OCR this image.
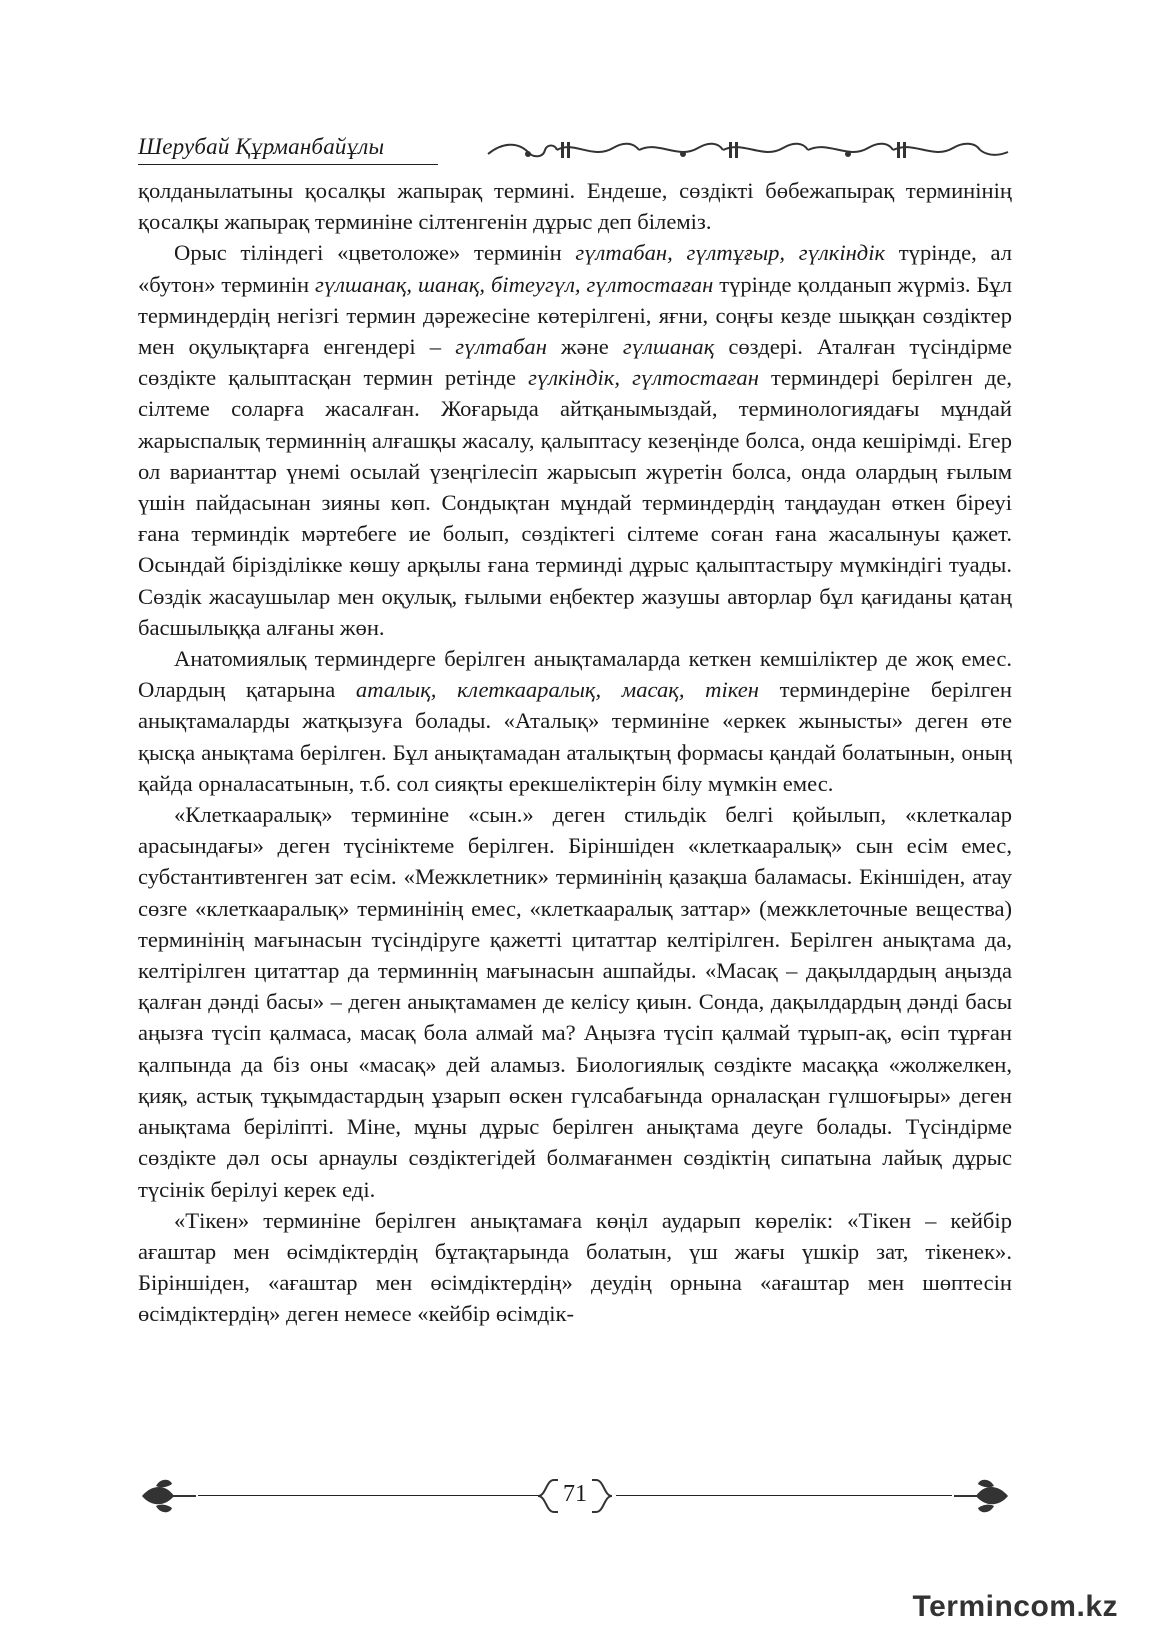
Шерубай Құрманбайұлы

қолданылатыны қосалқы жапырақ термині. Ендеше, сөздікті бөбежапырақ терминінің қосалқы жапырақ терминіне сілтенгенін дұрыс деп білеміз.

Орыс тіліндегі «цветоложе» терминін гүлтабан, гүлтұғыр, гүлкіндік түрінде, ал «бутон» терминін гүлшанақ, шанақ, бітеугүл, гүлтостаған түрінде қолданып жүрміз. Бұл терминдердің негізгі термин дәрежесіне көтерілгені, яғни, соңғы кезде шыққан сөздіктер мен оқулықтарға енгендері – гүлтабан және гүлшанақ сөздері. Аталған түсіндірме сөздікте қалыптасқан термин ретінде гүлкіндік, гүлтостаған терминдері берілген де, сілтеме соларға жасалған. Жоғарыда айтқанымыздай, терминологиядағы мұндай жарыспалық терминнің алғашқы жасалу, қалыптасу кезеңінде болса, онда кешірімді. Егер ол варианттар үнемі осылай үзеңгілесіп жарысып жүретін болса, онда олардың ғылым үшін пайдасынан зияны көп. Сондықтан мұндай терминдердің таңдаудан өткен біреуі ғана терминдік мәртебеге ие болып, сөздіктегі сілтеме соған ғана жасалынуы қажет. Осындай бірізділікке көшу арқылы ғана терминді дұрыс қалыптастыру мүмкіндігі туады. Сөздік жасаушылар мен оқулық, ғылыми еңбектер жазушы авторлар бұл қағиданы қатаң басшылыққа алғаны жөн.

Анатомиялық терминдерге берілген анықтамаларда кеткен кемшіліктер де жоқ емес. Олардың қатарына аталық, клеткааралық, масақ, тікен терминдеріне берілген анықтамаларды жатқызуға болады. «Аталық» терминіне «еркек жынысты» деген өте қысқа анықтама берілген. Бұл анықтамадан аталықтың формасы қандай болатынын, оның қайда орналасатынын, т.б. сол сияқты ерекшеліктерін білу мүмкін емес.

«Клеткааралық» терминіне «сын.» деген стильдік белгі қойылып, «клеткалар арасындағы» деген түсініктеме берілген. Біріншіден «клеткааралық» сын есім емес, субстантивтенген зат есім. «Межклетник» терминінің қазақша баламасы. Екіншіден, атау сөзге «клеткааралық» терминінің емес, «клеткааралық заттар» (межклеточные вещества) терминінің мағынасын түсіндіруге қажетті цитаттар келтірілген. Берілген анықтама да, келтірілген цитаттар да терминнің мағынасын ашпайды. «Масақ – дақылдардың аңызда қалған дәнді басы» – деген анықтамамен де келісу қиын. Сонда, дақылдардың дәнді басы аңызға түсіп қалмаса, масақ бола алмай ма? Аңызға түсіп қалмай тұрып-ақ, өсіп тұрған қалпында да біз оны «масақ» дей аламыз. Биологиялық сөздікте масаққа «жолжелкен, қияқ, астық тұқымдастардың ұзарып өскен гүлсабағында орналасқан гүлшоғыры» деген анықтама беріліпті. Міне, мұны дұрыс берілген анықтама деуге болады. Түсіндірме сөздікте дәл осы арнаулы сөздіктегідей болмағанмен сөздіктің сипатына лайық дұрыс түсінік берілуі керек еді.

«Тікен» терминіне берілген анықтамаға көңіл аударып көрелік: «Тікен – кейбір ағаштар мен өсімдіктердің бұтақтарында болатын, үш жағы үшкір зат, тікенек». Біріншіден, «ағаштар мен өсімдіктердің» деудің орнына «ағаштар мен шөптесін өсімдіктердің» деген немесе «кейбір өсімдік-

71
Termincom.kz
